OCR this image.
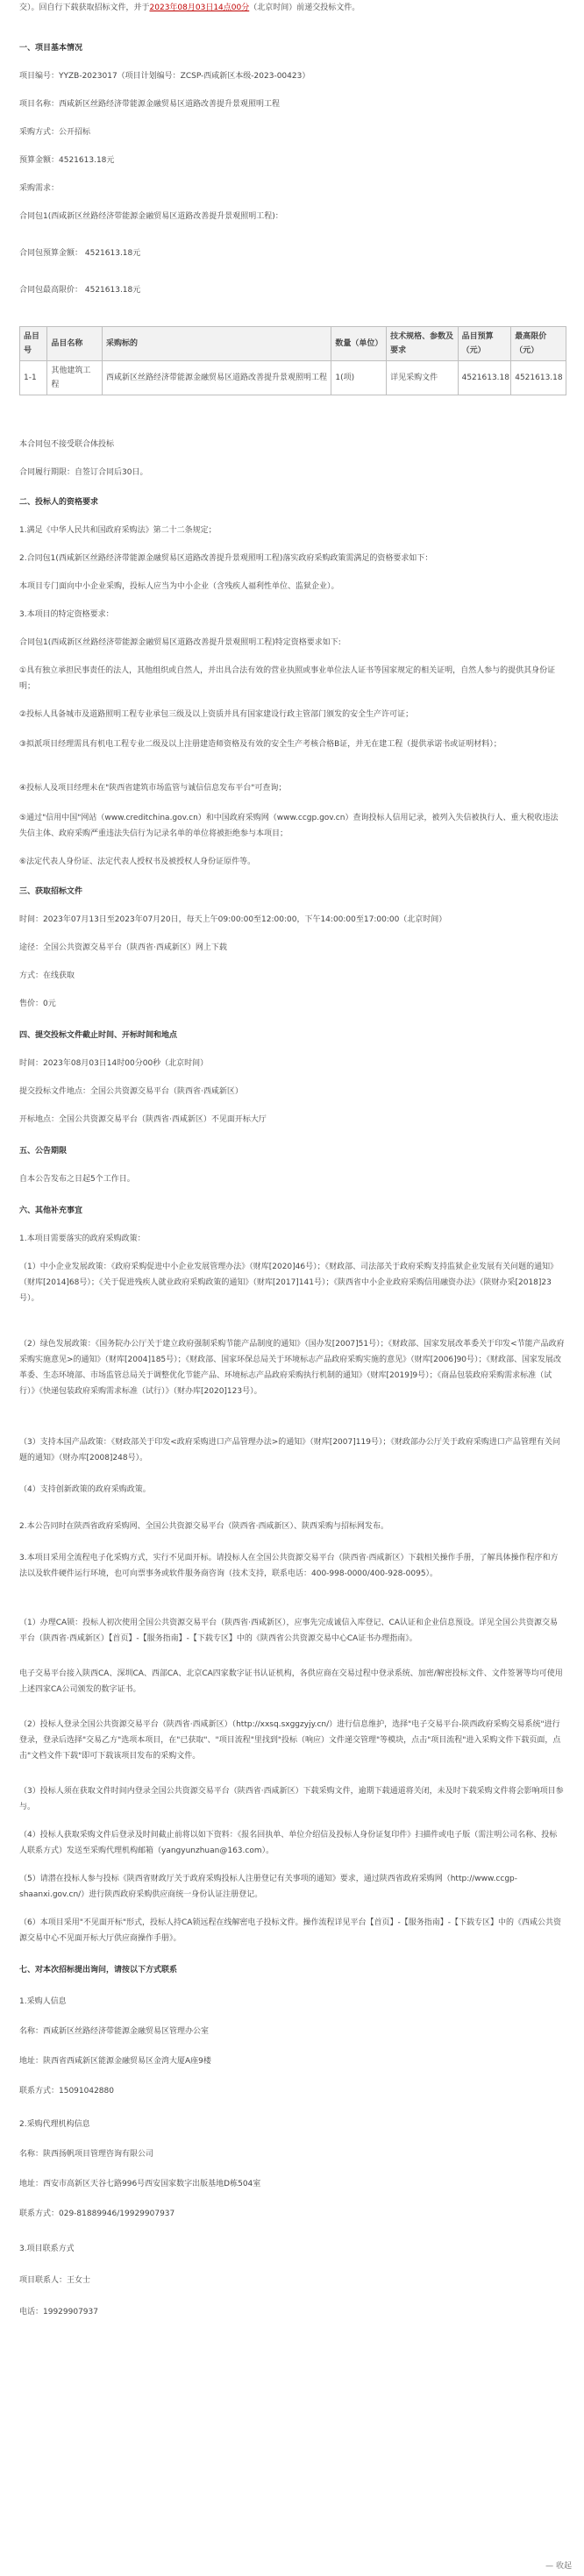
交）。回自行下载获取招标文件，并于2023年08月03日14点00分（北京时间）前递交投标文件。
一、项目基本情况
项目编号：YYZB-2023017（项目计划编号：ZCSP-西咸新区本级-2023-00423）
项目名称：西咸新区丝路经济带能源金融贸易区道路改善提升景观照明工程
采购方式：公开招标
预算金额：4521613.18元
采购需求：
合同包1(西咸新区丝路经济带能源金融贸易区道路改善提升景观照明工程)：
合同包预算金额： 4521613.18元
合同包最高限价： 4521613.18元
品目号	品目名称	采购标的	数量（单位）	技术规格、参数及要求	品目预算（元）	最高限价（元）
1-1	其他建筑工程	西咸新区丝路经济带能源金融贸易区道路改善提升景观照明工程	1(项)	详见采购文件	4521613.18	4521613.18
本合同包不接受联合体投标
合同履行期限：自签订合同后30日。
二、投标人的资格要求
1.满足《中华人民共和国政府采购法》第二十二条规定；
2.合同包1(西咸新区丝路经济带能源金融贸易区道路改善提升景观照明工程)落实政府采购政策需满足的资格要求如下：
本项目专门面向中小企业采购，投标人应当为中小企业（含残疾人福利性单位、监狱企业）。
3.本项目的特定资格要求：
合同包1(西咸新区丝路经济带能源金融贸易区道路改善提升景观照明工程)特定资格要求如下:
①具有独立承担民事责任的法人，其他组织或自然人，并出具合法有效的营业执照或事业单位法人证书等国家规定的相关证明，自然人参与的提供其身份证明；
②投标人具备城市及道路照明工程专业承包三级及以上资质并具有国家建设行政主管部门颁发的安全生产许可证；
③拟派项目经理需具有机电工程专业二级及以上注册建造师资格及有效的安全生产考核合格B证，并无在建工程（提供承诺书或证明材料）；
④投标人及项目经理未在"陕西省建筑市场监管与诚信信息发布平台"可查询；
⑤通过"信用中国"网站（www.creditchina.gov.cn）和中国政府采购网（www.ccgp.gov.cn）查询投标人信用记录，被列入失信被执行人、重大税收违法失信主体、政府采购严重违法失信行为记录名单的单位将被拒绝参与本项目；
⑥法定代表人身份证、法定代表人授权书及被授权人身份证原件等。
三、获取招标文件
时间：2023年07月13日至2023年07月20日，每天上午09:00:00至12:00:00，下午14:00:00至17:00:00（北京时间）
途径：全国公共资源交易平台（陕西省·西咸新区）网上下载
方式：在线获取
售价：0元
四、提交投标文件截止时间、开标时间和地点
时间：2023年08月03日14时00分00秒（北京时间）
提交投标文件地点：全国公共资源交易平台（陕西省·西咸新区）
开标地点：全国公共资源交易平台（陕西省·西咸新区）不见面开标大厅
五、公告期限
自本公告发布之日起5个工作日。
六、其他补充事宜
1.本项目需要落实的政府采购政策：
（1）中小企业发展政策：《政府采购促进中小企业发展管理办法》（财库[2020]46号）；《财政部、司法部关于政府采购支持监狱企业发展有关问题的通知》（财库[2014]68号）；《关于促进残疾人就业政府采购政策的通知》（财库[2017]141号）；《陕西省中小企业政府采购信用融资办法》（陕财办采[2018]23号）。
（2）绿色发展政策：《国务院办公厅关于建立政府强制采购节能产品制度的通知》（国办发[2007]51号）；《财政部、国家发展改革委关于印发<节能产品政府采购实施意见>的通知》（财库[2004]185号）；《财政部、国家环保总局关于环境标志产品政府采购实施的意见》（财库[2006]90号）；《财政部、国家发展改革委、生态环境部、市场监管总局关于调整优化节能产品、环境标志产品政府采购执行机制的通知》（财库[2019]9号）；《商品包装政府采购需求标准（试行）》《快递包装政府采购需求标准（试行）》（财办库[2020]123号）。
（3）支持本国产品政策：《财政部关于印发<政府采购进口产品管理办法>的通知》（财库[2007]119号）；《财政部办公厅关于政府采购进口产品管理有关问题的通知》（财办库[2008]248号）。
（4）支持创新政策的政府采购政策。
2.本公告同时在陕西省政府采购网、全国公共资源交易平台（陕西省·西咸新区）、陕西采购与招标网发布。
3.本项目采用全流程电子化采购方式，实行不见面开标。请投标人在全国公共资源交易平台（陕西省·西咸新区）下载相关操作手册，了解具体操作程序和方法以及软件硬件运行环境，也可向票事务或软件服务商咨询（技术支持，联系电话：400-998-0000/400-928-0095）。
（1）办理CA锁：投标人初次使用全国公共资源交易平台（陕西省·西咸新区），应事先完成诚信入库登记、CA认证和企业信息预设。详见全国公共资源交易平台（陕西省·西咸新区）【首页】-【服务指南】-【下载专区】中的《陕西省公共资源交易中心CA证书办理指南》。
电子交易平台接入陕西CA、深圳CA、西部CA、北京CA四家数字证书认证机构，各供应商在交易过程中登录系统、加密/解密投标文件、文件签署等均可使用上述四家CA公司颁发的数字证书。
（2）投标人登录全国公共资源交易平台（陕西省·西咸新区）（http://xxsq.sxggzyjy.cn/）进行信息维护，选择"电子交易平台-陕西政府采购交易系统"进行登录，登录后选择"交易乙方"选项本项目，在"已获取"、"项目流程"里找到"投标（响应）文件递交管理"等模块，点击"项目流程"进入采购文件下载页面，点击"文档文件下载"即可下载该项目发布的采购文件。
（3）投标人须在获取文件时间内登录全国公共资源交易平台（陕西省·西咸新区）下载采购文件，逾期下载通道将关闭，未及时下载采购文件将会影响项目参与。
（4）投标人获取采购文件后登录及时间截止前将以如下资料：《报名回执单、单位介绍信及投标人身份证复印件》扫描件或电子版（需注明公司名称、投标人联系方式）发送至采购代理机构邮箱（yangyunzhuan@163.com）。
（5）请潜在投标人参与投标《陕西省财政厅关于政府采购投标人注册登记有关事项的通知》要求，通过陕西省政府采购网（http://www.ccgp-shaanxi.gov.cn/）进行陕西政府采购供应商统一身份认证注册登记。
（6）本项目采用"不见面开标"形式，投标人持CA锁远程在线解密电子投标文件。操作流程详见平台【首页】-【服务指南】-【下载专区】中的《西咸公共资源交易中心不见面开标大厅供应商操作手册》。
七、对本次招标提出询问，请按以下方式联系
1.采购人信息
名称：西咸新区丝路经济带能源金融贸易区管理办公室
地址：陕西省西咸新区能源金融贸易区金湾大厦A座9楼
联系方式：15091042880
2.采购代理机构信息
名称：陕西扬帆项目管理咨询有限公司
地址：西安市高新区天谷七路996号西安国家数字出版基地D栋504室
联系方式：029-81889946/19929907937
3.项目联系方式
项目联系人：王女士
电话：19929907937
— 收起
